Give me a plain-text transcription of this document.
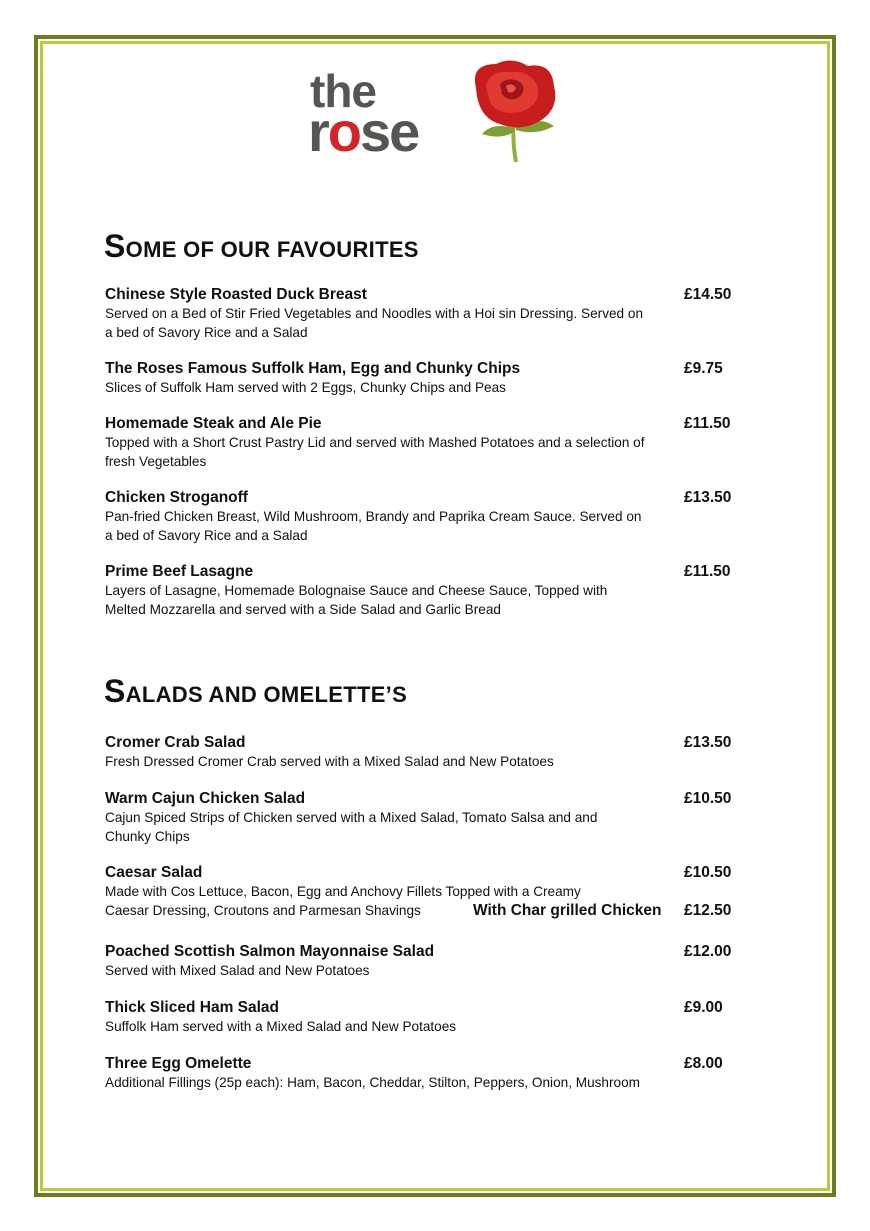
the
rose
SOME OF OUR FAVOURITES
Chinese Style Roasted Duck Breast
Served on a Bed of Stir Fried Vegetables and Noodles with a Hoi sin Dressing. Served on a bed of Savory Rice and a Salad
£14.50
The Roses Famous Suffolk Ham, Egg and Chunky Chips
Slices of Suffolk Ham served with 2 Eggs, Chunky Chips and Peas
£9.75
Homemade Steak and Ale Pie
Topped with a Short Crust Pastry Lid and served with Mashed Potatoes and a selection of fresh Vegetables
£11.50
Chicken Stroganoff
Pan-fried Chicken Breast, Wild Mushroom, Brandy and Paprika Cream Sauce. Served on a bed of Savory Rice and a Salad
£13.50
Prime Beef Lasagne
Layers of Lasagne, Homemade Bolognaise Sauce and Cheese Sauce, Topped with Melted Mozzarella and served with a Side Salad and Garlic Bread
£11.50
SALADS AND OMELETTE’S
Cromer Crab Salad
Fresh Dressed Cromer Crab served with a Mixed Salad and New Potatoes
£13.50
Warm Cajun Chicken Salad
Cajun Spiced Strips of Chicken served with a Mixed Salad, Tomato Salsa and and Chunky Chips
£10.50
Caesar Salad
Made with Cos Lettuce, Bacon, Egg and Anchovy Fillets Topped with a Creamy Caesar Dressing, Croutons and Parmesan Shavings
£10.50
With Char grilled Chicken £12.50
Poached Scottish Salmon Mayonnaise Salad
Served with Mixed Salad and New Potatoes
£12.00
Thick Sliced Ham Salad
Suffolk Ham served with a Mixed Salad and New Potatoes
£9.00
Three Egg Omelette
Additional Fillings (25p each): Ham, Bacon, Cheddar, Stilton, Peppers, Onion, Mushroom
£8.00
